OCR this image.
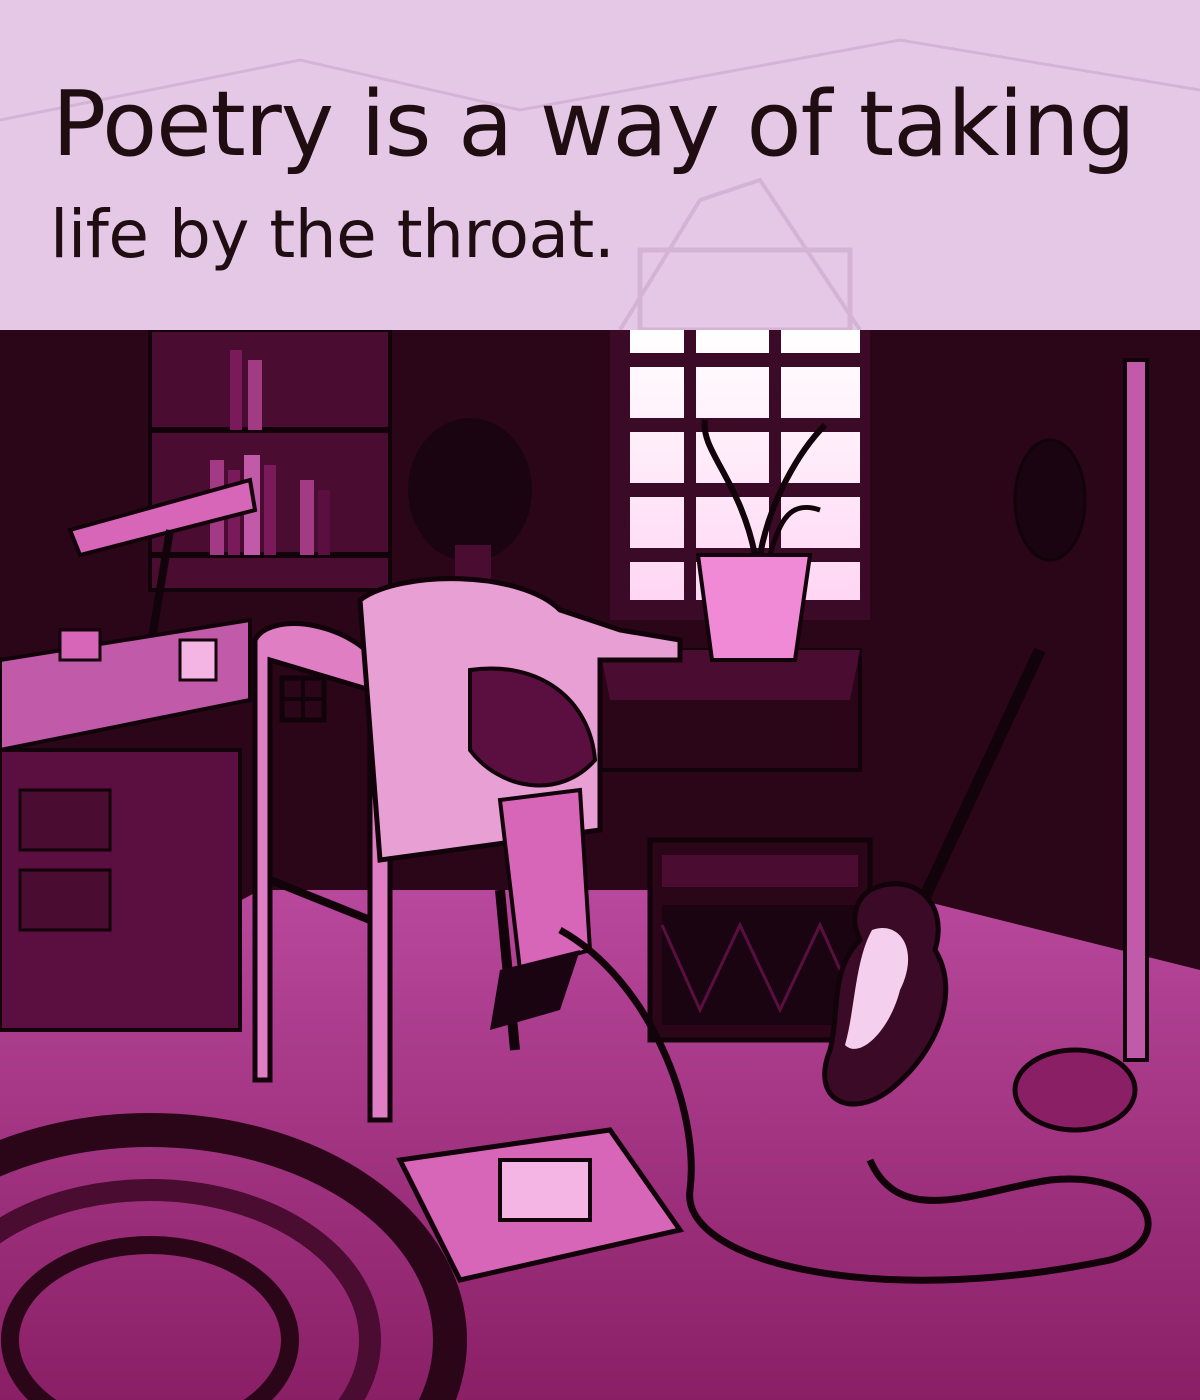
Poetry is a way of taking
life by the throat.
